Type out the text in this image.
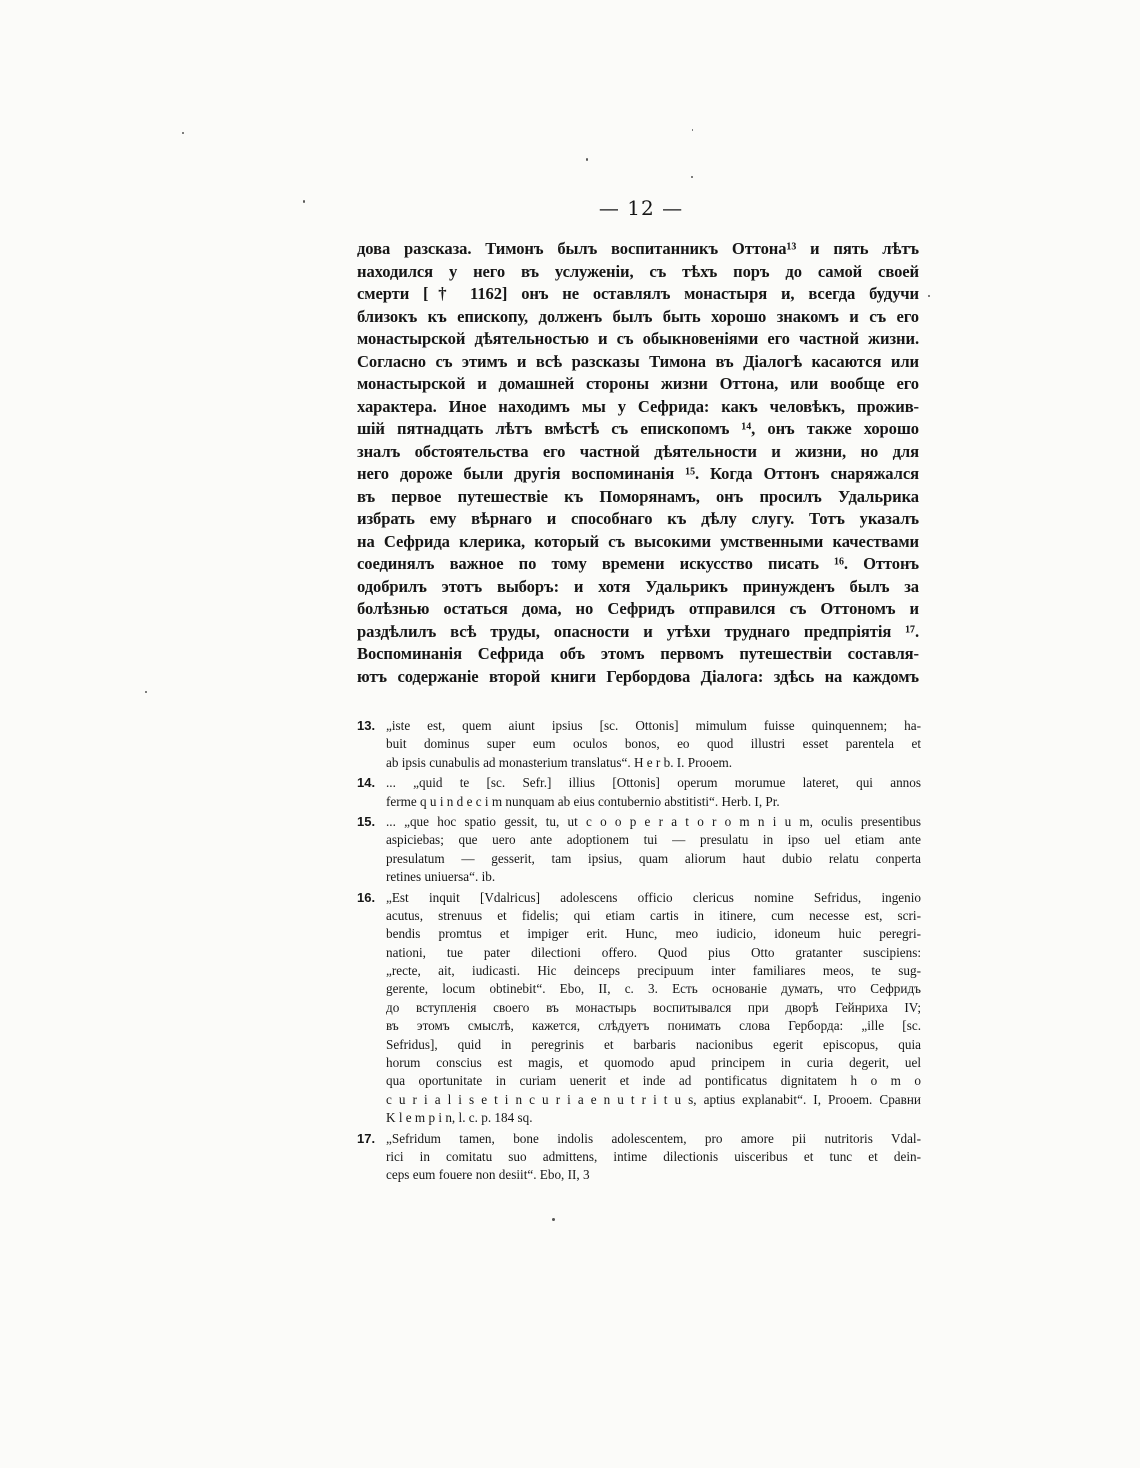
— 12 —
дова разсказа. Тимонъ былъ воспитанникъ Оттона¹³ и пять лѣтъ
находился у него въ услуженіи, съ тѣхъ поръ до самой своей
смерти [† 1162] онъ не оставлялъ монастыря и, всегда будучи
близокъ къ епископу, долженъ былъ быть хорошо знакомъ и съ его
монастырской дѣятельностью и съ обыкновеніями его частной жизни.
Согласно съ этимъ и всѣ разсказы Тимона въ Діалогѣ касаются или
монастырской и домашней стороны жизни Оттона, или вообще его
характера. Иное находимъ мы у Сефрида: какъ человѣкъ, прожив-
шій пятнадцать лѣтъ вмѣстѣ съ епископомъ ¹⁴, онъ также хорошо
зналъ обстоятельства его частной дѣятельности и жизни, но для
него дороже были другія воспоминанія ¹⁵. Когда Оттонъ снаряжался
въ первое путешествіе къ Поморянамъ, онъ просилъ Удальрика
избрать ему вѣрнаго и способнаго къ дѣлу слугу. Тотъ указалъ
на Сефрида клерика, который съ высокими умственными качествами
соединялъ важное по тому времени искусство писать ¹⁶. Оттонъ
одобрилъ этотъ выборъ: и хотя Удальрикъ принужденъ былъ за
болѣзнью остаться дома, но Сефридъ отправился съ Оттономъ и
раздѣлилъ всѣ труды, опасности и утѣхи труднаго предпріятія ¹⁷.
Воспоминанія Сефрида объ этомъ первомъ путешествіи составля-
ютъ содержаніе второй книги Гербордова Діалога: здѣсь на каждомъ
13. „iste est, quem aiunt ipsius [sc. Ottonis] mimulum fuisse quinquennem; ha-
buit dominus super eum oculos bonos, eo quod illustri esset parentela et
ab ipsis cunabulis ad monasterium translatus“. H e r b. I. Prooem.
14. ... „quid te [sc. Sefr.] illius [Ottonis] operum morumue lateret, qui annos
ferme q u i n d e c i m nunquam ab eius contubernio abstitisti“. Herb. I, Pr.
15. ... „que hoc spatio gessit, tu, ut c o o p e r a t o r o m n i u m, oculis presentibus
aspiciebas; que uero ante adoptionem tui — presulatu in ipso uel etiam ante
presulatum — gesserit, tam ipsius, quam aliorum haut dubio relatu conperta
retines uniuersa“. ib.
16. „Est inquit [Vdalricus] adolescens officio clericus nomine Sefridus, ingenio
acutus, strenuus et fidelis; qui etiam cartis in itinere, cum necesse est, scri-
bendis promtus et impiger erit. Hunc, meo iudicio, idoneum huic peregri-
nationi, tue pater dilectioni offero. Quod pius Otto gratanter suscipiens:
„recte, ait, iudicasti. Hic deinceps precipuum inter familiares meos, te sug-
gerente, locum obtinebit“. Ebo, II, c. 3. Есть основаніе думать, что Сефридъ
до вступленія своего въ монастырь воспитывался при дворѣ Гейнриха IV;
въ этомъ смыслѣ, кажется, слѣдуетъ понимать слова Герборда: „ille [sc.
Sefridus], quid in peregrinis et barbaris nacionibus egerit episcopus, quia
horum conscius est magis, et quomodo apud principem in curia degerit, uel
qua oportunitate in curiam uenerit et inde ad pontificatus dignitatem h o m o
c u r i a l i s e t i n c u r i a e n u t r i t u s, aptius explanabit“. I, Prooem. Сравни
K l e m p i n, l. c. p. 184 sq.
17. „Sefridum tamen, bone indolis adolescentem, pro amore pii nutritoris Vdal-
rici in comitatu suo admittens, intime dilectionis uisceribus et tunc et dein-
ceps eum fouere non desiit“. Ebo, II, 3
